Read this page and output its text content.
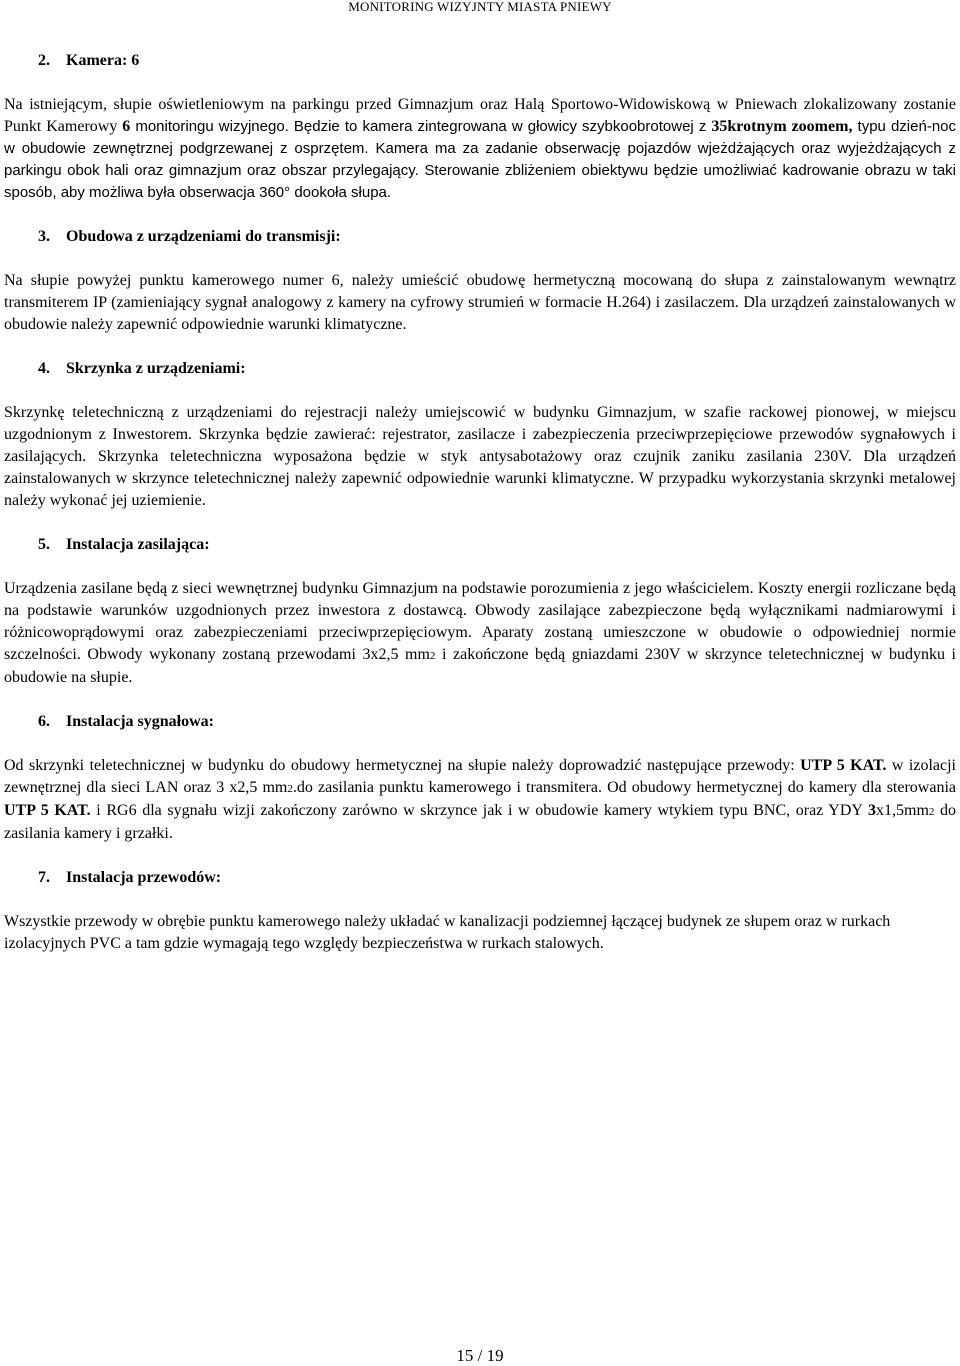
MONITORING WIZYJNTY MIASTA PNIEWY
2. Kamera: 6

Na istniejącym, słupie oświetleniowym na parkingu przed Gimnazjum oraz Halą Sportowo-Widowiskową w Pniewach zlokalizowany zostanie Punkt Kamerowy 6 monitoringu wizyjnego. Będzie to kamera zintegrowana w głowicy szybkoobrotowej z 35krotnym zoomem, typu dzień-noc w obudowie zewnętrznej podgrzewanej z osprzętem. Kamera ma za zadanie obserwację pojazdów wjeżdżających oraz wyjeżdżających z parkingu obok hali oraz gimnazjum oraz obszar przylegający. Sterowanie zbliżeniem obiektywu będzie umożliwiać kadrowanie obrazu w taki sposób, aby możliwa była obserwacja 360° dookoła słupa.

3. Obudowa z urządzeniami do transmisji:

Na słupie powyżej punktu kamerowego numer 6, należy umieścić obudowę hermetyczną mocowaną do słupa z zainstalowanym wewnątrz transmiterem IP (zamieniający sygnał analogowy z kamery na cyfrowy strumień w formacie H.264) i zasilaczem. Dla urządzeń zainstalowanych w obudowie należy zapewnić odpowiednie warunki klimatyczne.

4. Skrzynka z urządzeniami:

Skrzynkę teletechniczną z urządzeniami do rejestracji należy umiejscowić w budynku Gimnazjum, w szafie rackowej pionowej, w miejscu uzgodnionym z Inwestorem. Skrzynka będzie zawierać: rejestrator, zasilacze i zabezpieczenia przeciwprzepięciowe przewodów sygnałowych i zasilających. Skrzynka teletechniczna wyposażona będzie w styk antysabotażowy oraz czujnik zaniku zasilania 230V. Dla urządzeń zainstalowanych w skrzynce teletechnicznej należy zapewnić odpowiednie warunki klimatyczne. W przypadku wykorzystania skrzynki metalowej należy wykonać jej uziemienie.

5. Instalacja zasilająca:

Urządzenia zasilane będą z sieci wewnętrznej budynku Gimnazjum na podstawie porozumienia z jego właścicielem. Koszty energii rozliczane będą na podstawie warunków uzgodnionych przez inwestora z dostawcą. Obwody zasilające zabezpieczone będą wyłącznikami nadmiarowymi i różnicowoprądowymi oraz zabezpieczeniami przeciwprzepięciowym. Aparaty zostaną umieszczone w obudowie o odpowiedniej normie szczelności. Obwody wykonany zostaną przewodami 3x2,5 mm2 i zakończone będą gniazdami 230V w skrzynce teletechnicznej w budynku i obudowie na słupie.

6. Instalacja sygnałowa:

Od skrzynki teletechnicznej w budynku do obudowy hermetycznej na słupie należy doprowadzić następujące przewody: UTP 5 KAT. w izolacji zewnętrznej dla sieci LAN oraz 3 x2,5 mm2.do zasilania punktu kamerowego i transmitera. Od obudowy hermetycznej do kamery dla sterowania UTP 5 KAT. i RG6 dla sygnału wizji zakończony zarówno w skrzynce jak i w obudowie kamery wtykiem typu BNC, oraz YDY 3x1,5mm2 do zasilania kamery i grzałki.

7. Instalacja przewodów:

Wszystkie przewody w obrębie punktu kamerowego należy układać w kanalizacji podziemnej łączącej budynek ze słupem oraz w rurkach izolacyjnych PVC a tam gdzie wymagają tego względy bezpieczeństwa w rurkach stalowych.

15 / 19
